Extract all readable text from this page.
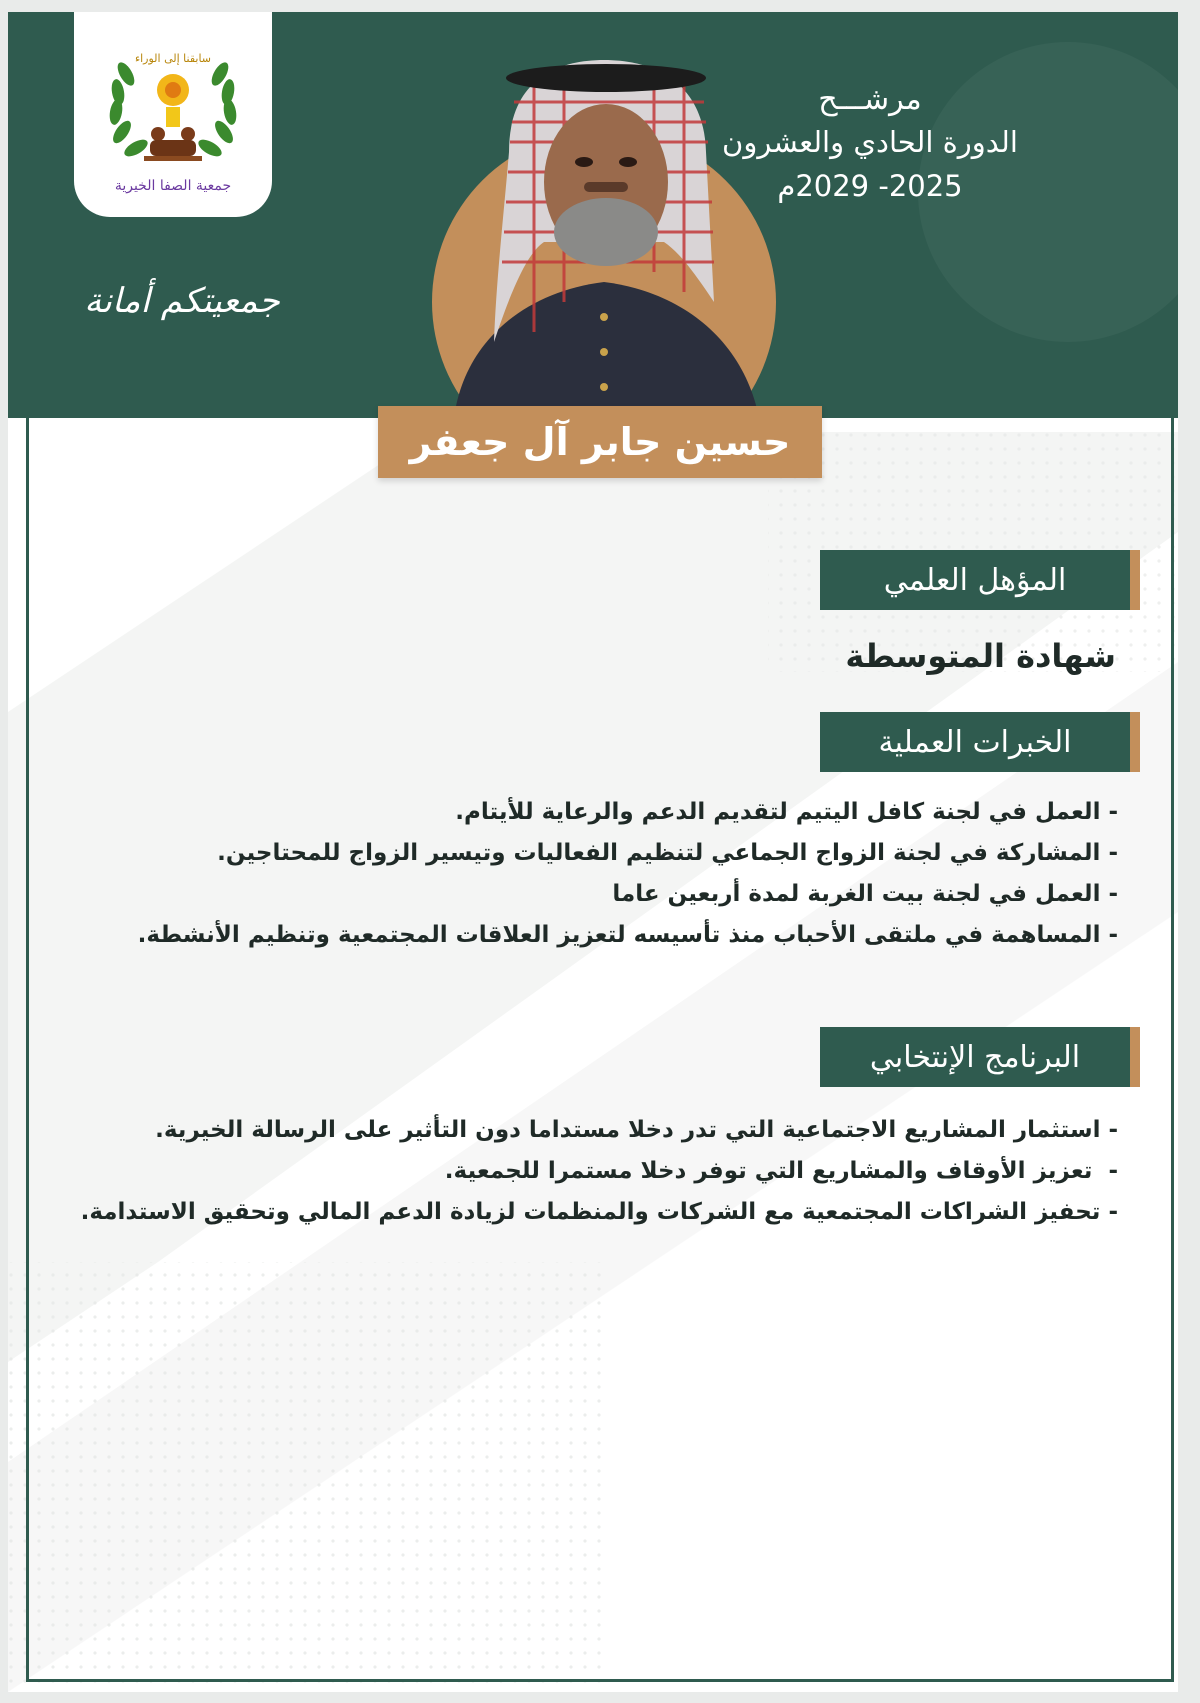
سابقنا إلى الوراء
جمعية الصفا الخيرية
جمعيتكم أمانة
مرشـــح
الدورة الحادي والعشرون
2025- 2029م
حسين جابر آل جعفر
المؤهل العلمي
شهادة المتوسطة
الخبرات العملية
-العمل في لجنة كافل اليتيم لتقديم الدعم والرعاية للأيتام.
-المشاركة في لجنة الزواج الجماعي لتنظيم الفعاليات وتيسير الزواج للمحتاجين.
-العمل في لجنة بيت الغربة لمدة أربعين عاما
-المساهمة في ملتقى الأحباب منذ تأسيسه لتعزيز العلاقات المجتمعية وتنظيم الأنشطة.
البرنامج الإنتخابي
-استثمار المشاريع الاجتماعية التي تدر دخلا مستداما دون التأثير على الرسالة الخيرية.
- تعزيز الأوقاف والمشاريع التي توفر دخلا مستمرا للجمعية.
-تحفيز الشراكات المجتمعية مع الشركات والمنظمات لزيادة الدعم المالي وتحقيق الاستدامة.
